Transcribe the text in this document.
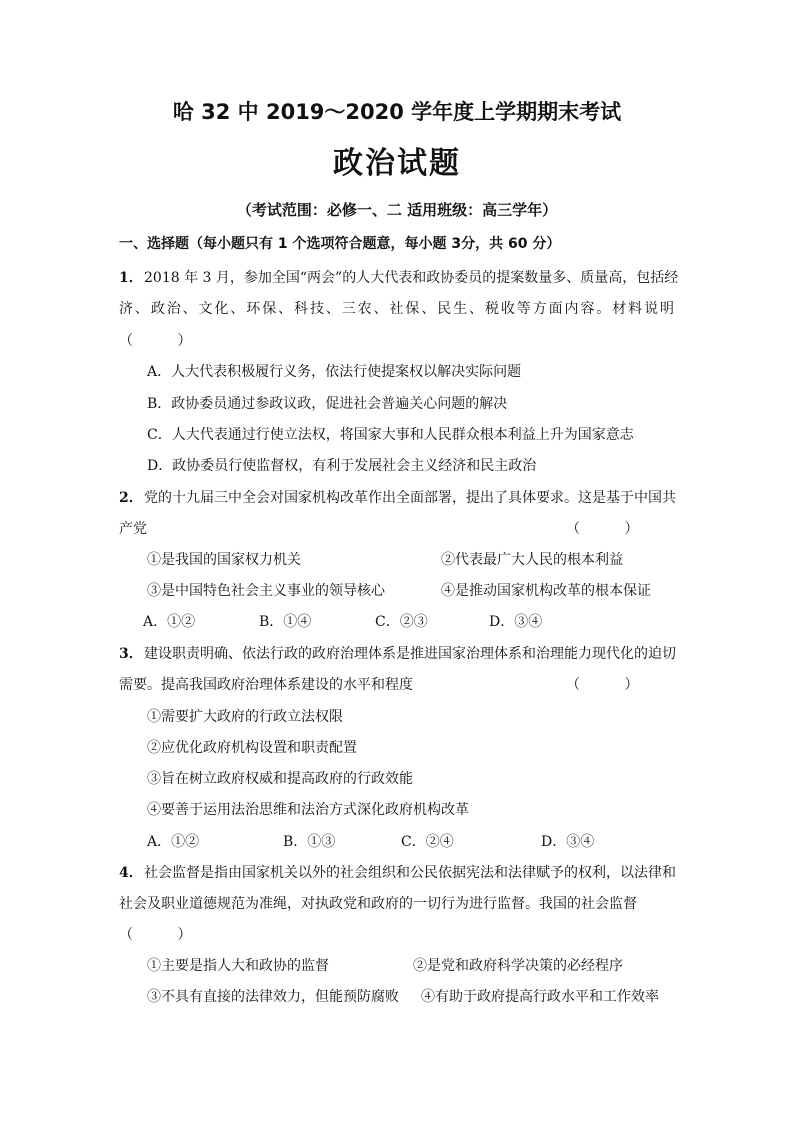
哈 32 中 2019～2020 学年度上学期期末考试
政治试题
（考试范围：必修一、二 适用班级：高三学年）
一、选择题（每小题只有 1 个选项符合题意，每小题 3分，共 60 分）
1． 2018 年 3 月，参加全国“两会”的人大代表和政协委员的提案数量多、质量高，包括经
济、政治、文化、环保、科技、三农、社保、民生、税收等方面内容。材料说明
（          ）
A．人大代表积极履行义务，依法行使提案权以解决实际问题
B．政协委员通过参政议政，促进社会普遍关心问题的解决
C．人大代表通过行使立法权，将国家大事和人民群众根本利益上升为国家意志
D．政协委员行使监督权，有利于发展社会主义经济和民主政治
2． 党的十九届三中全会对国家机构改革作出全面部署，提出了具体要求。这是基于中国共
产党	（          ）
①是我国的国家权力机关	②代表最广大人民的根本利益
③是中国特色社会主义事业的领导核心	④是推动国家机构改革的根本保证
A．①②	B．①④	C．②③	D．③④
3． 建设职责明确、依法行政的政府治理体系是推进国家治理体系和治理能力现代化的迫切
需要。提高我国政府治理体系建设的水平和程度	（          ）
①需要扩大政府的行政立法权限
②应优化政府机构设置和职责配置
③旨在树立政府权威和提高政府的行政效能
④要善于运用法治思维和法治方式深化政府机构改革
A．①②	B．①③	C．②④	D．③④
4． 社会监督是指由国家机关以外的社会组织和公民依据宪法和法律赋予的权利，以法律和
社会及职业道德规范为准绳，对执政党和政府的一切行为进行监督。我国的社会监督
（          ）
①主要是指人大和政协的监督	②是党和政府科学决策的必经程序
③不具有直接的法律效力，但能预防腐败 ④有助于政府提高行政水平和工作效率
